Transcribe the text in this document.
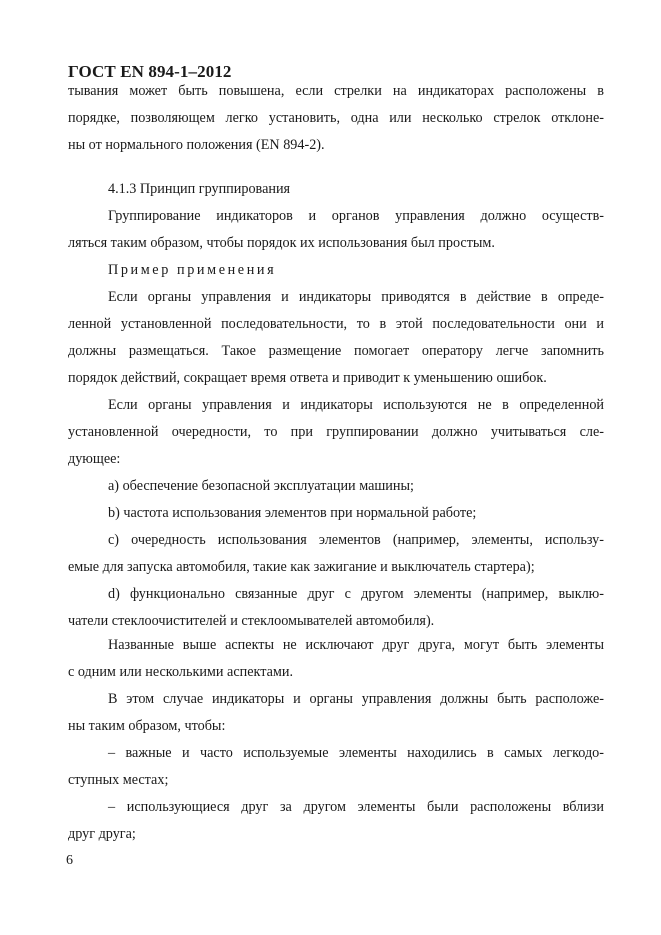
ГОСТ EN 894-1–2012
тывания может быть повышена, если стрелки на индикаторах расположены в
порядке, позволяющем легко установить, одна или несколько стрелок отклоне-
ны от нормального положения (EN 894-2).
4.1.3 Принцип группирования
Группирование индикаторов и органов управления должно осуществ-
ляться таким образом, чтобы порядок их использования был простым.
Пример применения
Если органы управления и индикаторы приводятся в действие в опреде-
ленной установленной последовательности, то в этой последовательности они и
должны размещаться. Такое размещение помогает оператору легче запомнить
порядок действий, сокращает время ответа и приводит к уменьшению ошибок.
Если органы управления и индикаторы используются не в определенной
установленной очередности, то при группировании должно учитываться сле-
дующее:
a) обеспечение безопасной эксплуатации машины;
b) частота использования элементов при нормальной работе;
c) очередность использования элементов (например, элементы, использу-
емые для запуска автомобиля, такие как зажигание и выключатель стартера);
d) функционально связанные друг с другом элементы (например, выклю-
чатели стеклоочистителей и стеклоомывателей автомобиля).
Названные выше аспекты не исключают друг друга, могут быть элементы
с одним или несколькими аспектами.
В этом случае индикаторы и органы управления должны быть расположе-
ны таким образом, чтобы:
– важные и часто используемые элементы находились в самых легкодо-
ступных местах;
– использующиеся друг за другом элементы были расположены вблизи
друг друга;
6
